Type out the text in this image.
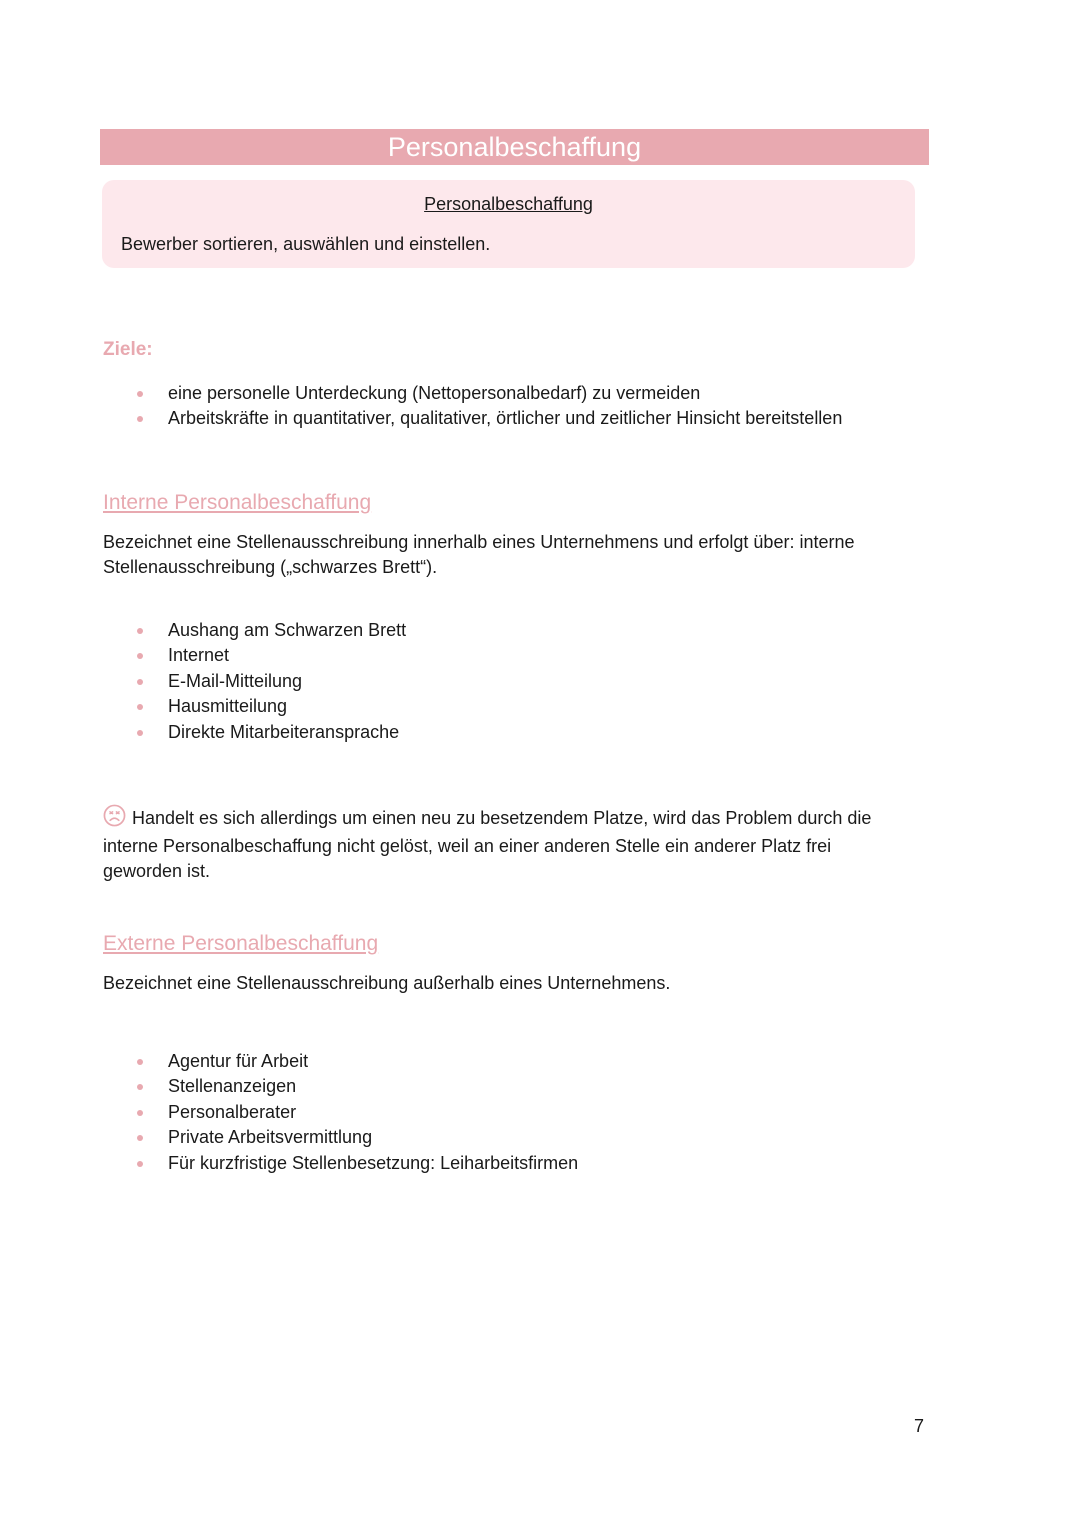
Personalbeschaffung
Personalbeschaffung
Bewerber sortieren, auswählen und einstellen.
Ziele:
eine personelle Unterdeckung (Nettopersonalbedarf) zu vermeiden
Arbeitskräfte in quantitativer, qualitativer, örtlicher und zeitlicher Hinsicht bereitstellen
Interne Personalbeschaffung
Bezeichnet eine Stellenausschreibung innerhalb eines Unternehmens und erfolgt über: interne Stellenausschreibung („schwarzes Brett“).
Aushang am Schwarzen Brett
Internet
E-Mail-Mitteilung
Hausmitteilung
Direkte Mitarbeiteransprache
Handelt es sich allerdings um einen neu zu besetzendem Platze, wird das Problem durch die interne Personalbeschaffung nicht gelöst, weil an einer anderen Stelle ein anderer Platz frei geworden ist.
Externe Personalbeschaffung
Bezeichnet eine Stellenausschreibung außerhalb eines Unternehmens.
Agentur für Arbeit
Stellenanzeigen
Personalberater
Private Arbeitsvermittlung
Für kurzfristige Stellenbesetzung: Leiharbeitsfirmen
7
